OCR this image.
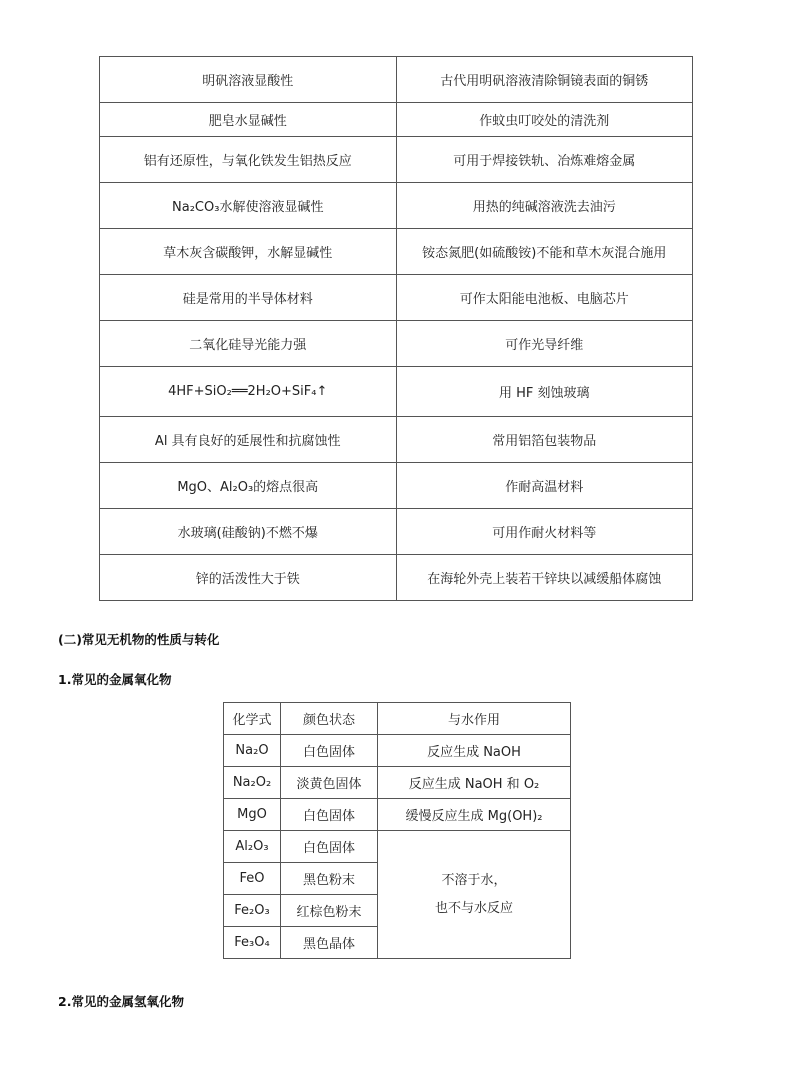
明矾溶液显酸性	古代用明矾溶液清除铜镜表面的铜锈
肥皂水显碱性	作蚊虫叮咬处的清洗剂
铝有还原性，与氧化铁发生铝热反应	可用于焊接铁轨、冶炼难熔金属
Na₂CO₃水解使溶液显碱性	用热的纯碱溶液洗去油污
草木灰含碳酸钾，水解显碱性	铵态氮肥(如硫酸铵)不能和草木灰混合施用
硅是常用的半导体材料	可作太阳能电池板、电脑芯片
二氧化硅导光能力强	可作光导纤维
4HF+SiO₂══2H₂O+SiF₄↑	用 HF 刻蚀玻璃
Al 具有良好的延展性和抗腐蚀性	常用铝箔包装物品
MgO、Al₂O₃的熔点很高	作耐高温材料
水玻璃(硅酸钠)不燃不爆	可用作耐火材料等
锌的活泼性大于铁	在海轮外壳上装若干锌块以减缓船体腐蚀
(二)常见无机物的性质与转化
1.常见的金属氧化物
化学式	颜色状态	与水作用
Na₂O	白色固体	反应生成 NaOH
Na₂O₂	淡黄色固体	反应生成 NaOH 和 O₂
MgO	白色固体	缓慢反应生成 Mg(OH)₂
Al₂O₃	白色固体	不溶于水，
也不与水反应

FeO	黑色粉末	
Fe₂O₃	红棕色粉末	
Fe₃O₄	黑色晶体	
2.常见的金属氢氧化物
